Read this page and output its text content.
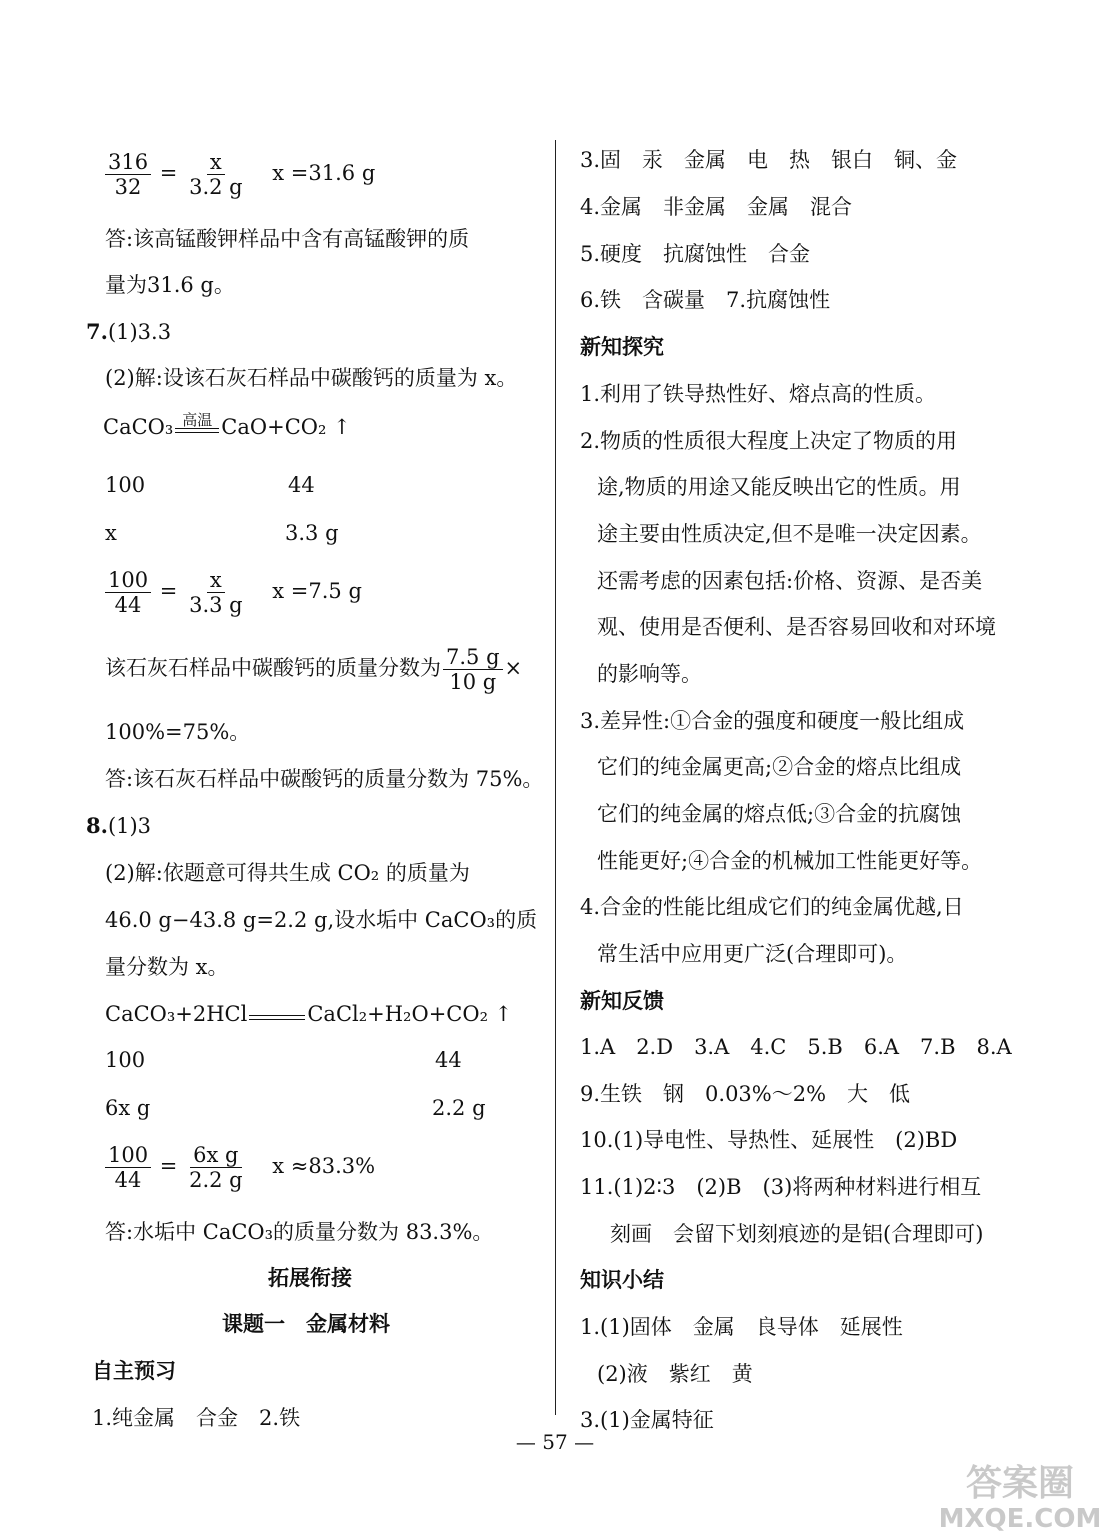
$\frac{316}{32} = \frac{x}{3.2 g}$ x =31.6 g
答:该高锰酸钾样品中含有高锰酸钾的质
量为31.6 g。
7.(1)3.3
(2)解:设该石灰石样品中碳酸钙的质量为 x。
CaCO₃ 高温 CaO+CO₂ ↑
100	44
x	3.3 g
$\frac{100}{44} = \frac{x}{3.3 g}$ x =7.5 g
该石灰石样品中碳酸钙的质量分数为 $\frac{7.5 g}{10 g}$ ×
100%=75%。
答:该石灰石样品中碳酸钙的质量分数为 75%。
8.(1)3
(2)解:依题意可得共生成 CO₂ 的质量为
46.0 g−43.8 g=2.2 g,设水垢中 CaCO₃的质
量分数为 x。
CaCO₃+2HCl	CaCl₂+H₂O+CO₂ ↑
100	44
6x g	2.2 g
$\frac{100}{44} = \frac{\text{6x g}}{2.2 g}$ x ≈83.3%
答:水垢中 CaCO₃的质量分数为 83.3%。
拓展衔接
课题一　金属材料
自主预习
1.纯金属　合金　2.铁
3.固　汞　金属　电　热　银白　铜、金
4.金属　非金属　金属　混合
5.硬度　抗腐蚀性　合金
6.铁　含碳量　7.抗腐蚀性
新知探究
1.利用了铁导热性好、熔点高的性质。
2.物质的性质很大程度上决定了物质的用
途,物质的用途又能反映出它的性质。用
途主要由性质决定,但不是唯一决定因素。
还需考虑的因素包括:价格、资源、是否美
观、使用是否便利、是否容易回收和对环境
的影响等。
3.差异性:①合金的强度和硬度一般比组成
它们的纯金属更高;②合金的熔点比组成
它们的纯金属的熔点低;③合金的抗腐蚀
性能更好;④合金的机械加工性能更好等。
4.合金的性能比组成它们的纯金属优越,日
常生活中应用更广泛(合理即可)。
新知反馈
1.A　2.D　3.A　4.C　5.B　6.A　7.B　8.A
9.生铁　钢　0.03%～2%　大　低
10.(1)导电性、导热性、延展性　(2)BD
11.(1)2∶3　(2)B　(3)将两种材料进行相互
刻画　会留下划刻痕迹的是铝(合理即可)
知识小结
1.(1)固体　金属　良导体　延展性
(2)液　紫红　黄
3.(1)金属特征
— 57 —
答案圈
MXQE.COM
